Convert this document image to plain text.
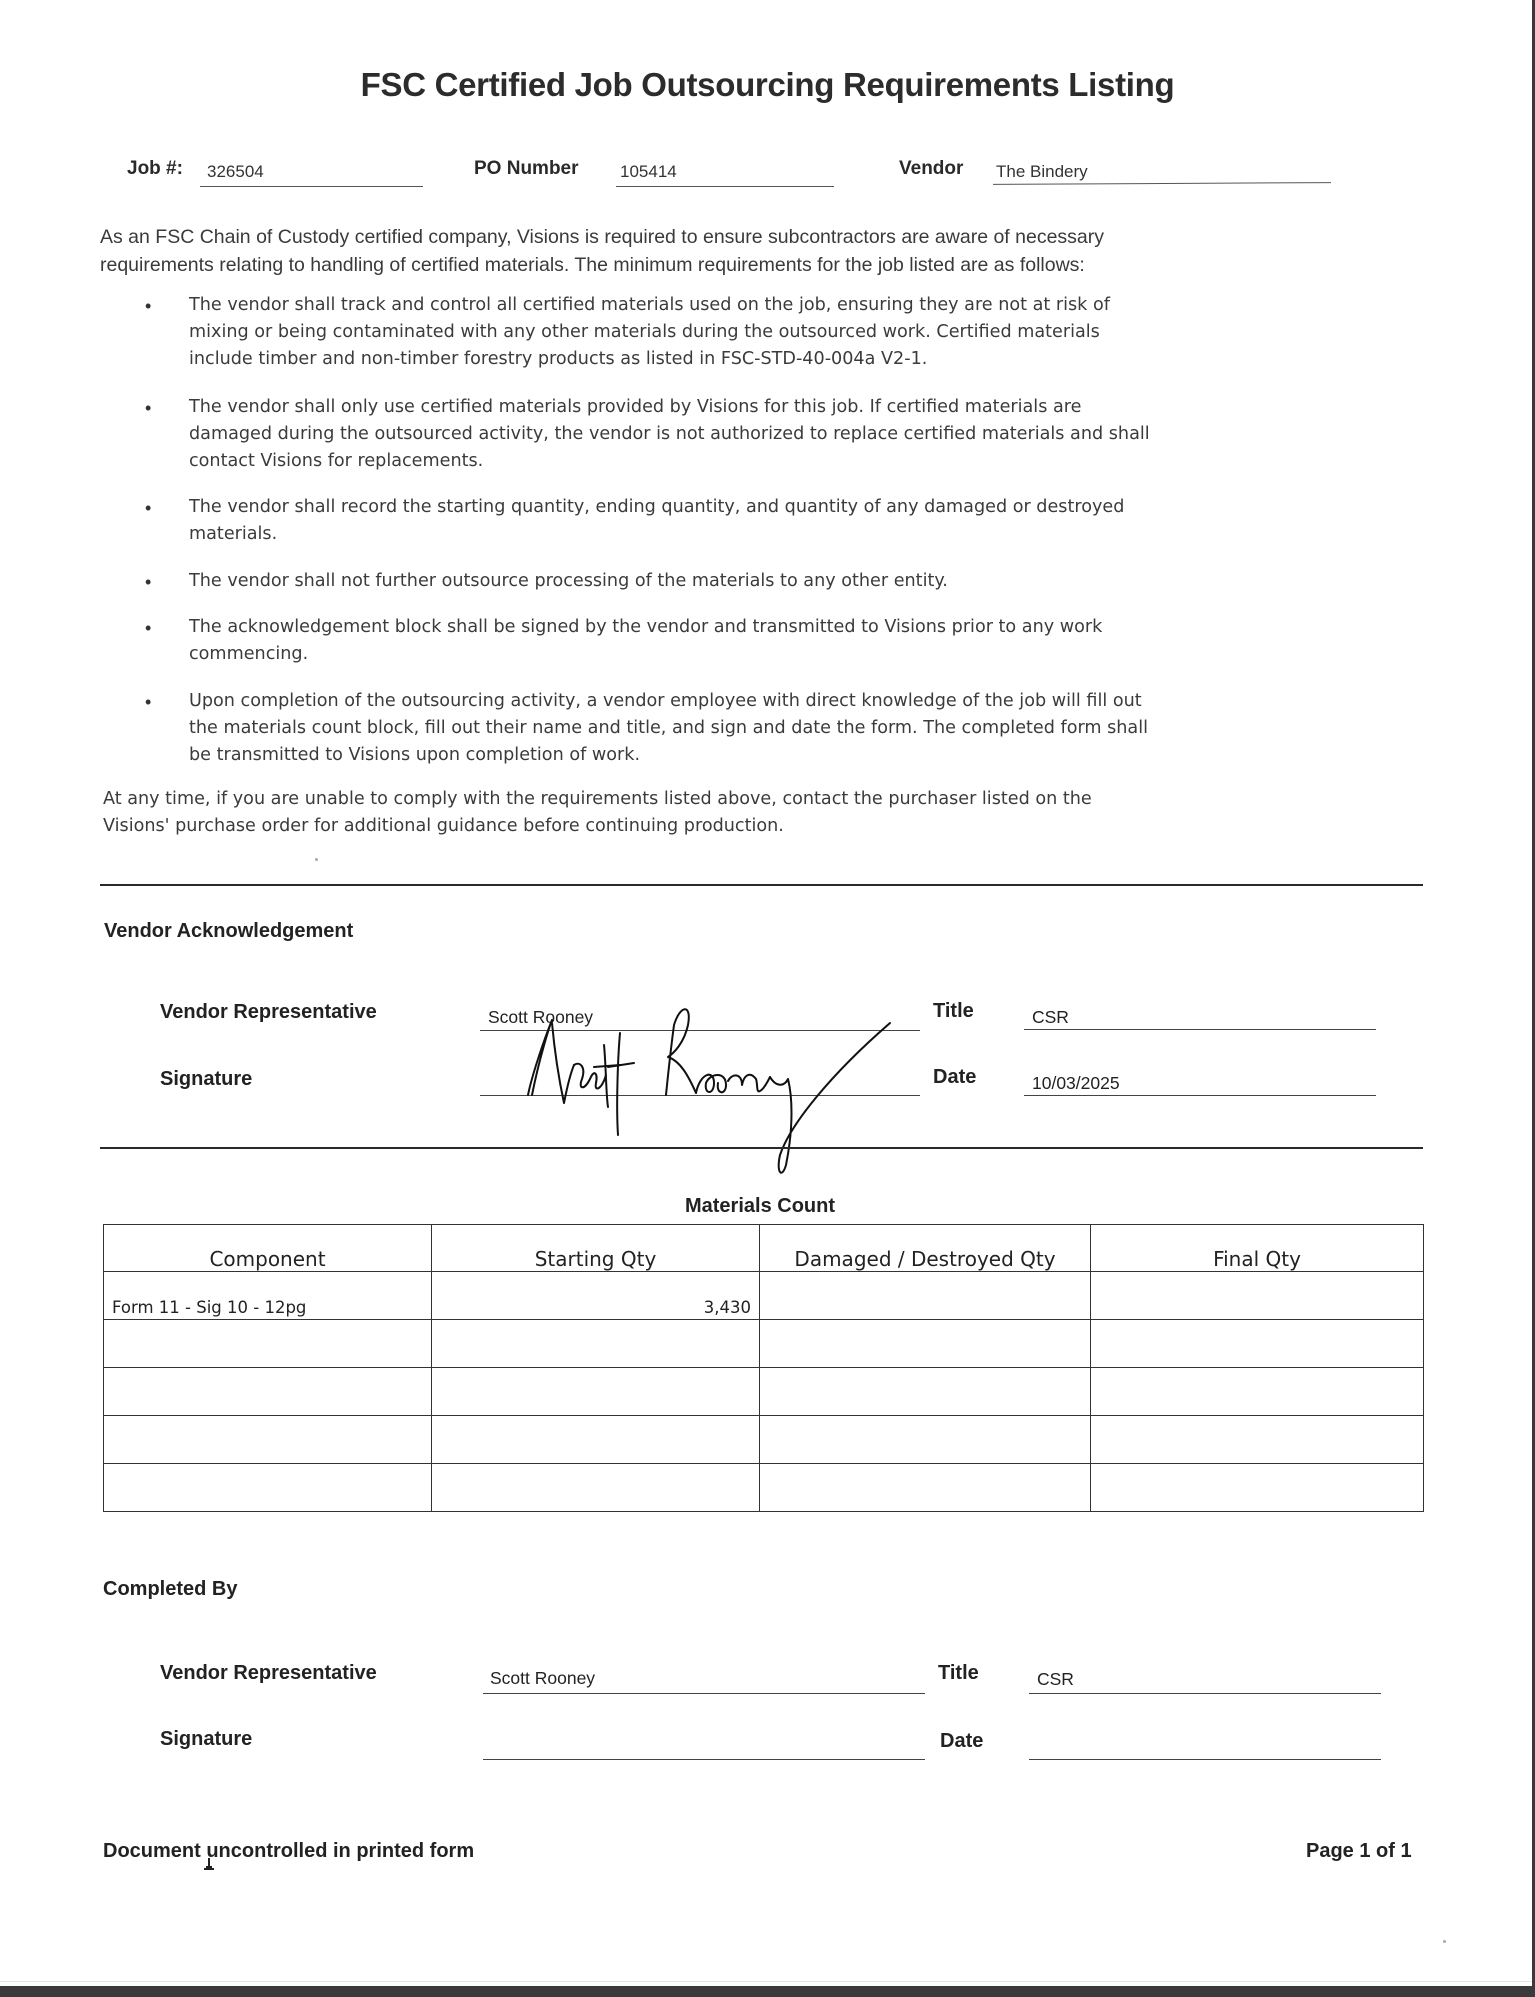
FSC Certified Job Outsourcing Requirements Listing
Job #: 326504	PO Number 105414	Vendor The Bindery
As an FSC Chain of Custody certified company, Visions is required to ensure subcontractors are aware of necessary
requirements relating to handling of certified materials. The minimum requirements for the job listed are as follows:
• The vendor shall track and control all certified materials used on the job, ensuring they are not at risk of
mixing or being contaminated with any other materials during the outsourced work. Certified materials
include timber and non-timber forestry products as listed in FSC-STD-40-004a V2-1.
• The vendor shall only use certified materials provided by Visions for this job. If certified materials are
damaged during the outsourced activity, the vendor is not authorized to replace certified materials and shall
contact Visions for replacements.
• The vendor shall record the starting quantity, ending quantity, and quantity of any damaged or destroyed
materials.
• The vendor shall not further outsource processing of the materials to any other entity.
• The acknowledgement block shall be signed by the vendor and transmitted to Visions prior to any work
commencing.
• Upon completion of the outsourcing activity, a vendor employee with direct knowledge of the job will fill out
the materials count block, fill out their name and title, and sign and date the form. The completed form shall
be transmitted to Visions upon completion of work.
At any time, if you are unable to comply with the requirements listed above, contact the purchaser listed on the
Visions' purchase order for additional guidance before continuing production.
Vendor Acknowledgement
Vendor Representative	Scott Rooney	Title	CSR
Signature	Date	10/03/2025
Materials Count
Component	Starting Qty	Damaged / Destroyed Qty	Final Qty
Form 11 - Sig 10 - 12pg	3,430		

Completed By
Vendor Representative	Scott Rooney	Title	CSR
Signature	Date
Document uncontrolled in printed form	Page 1 of 1
